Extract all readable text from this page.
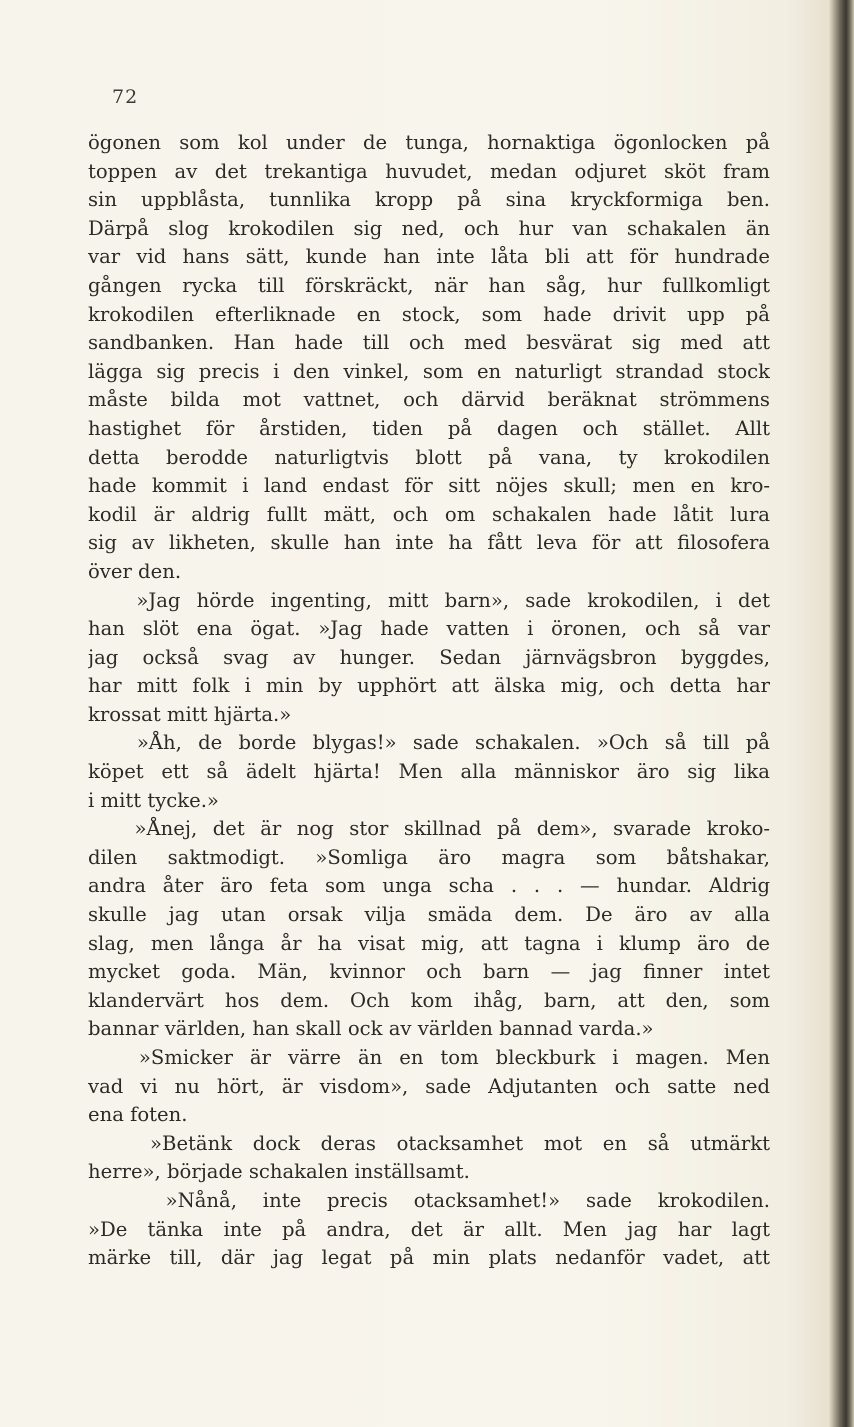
72
ögonen som kol under de tunga, hornaktiga ögonlocken på
toppen av det trekantiga huvudet, medan odjuret sköt fram
sin uppblåsta, tunnlika kropp på sina kryckformiga ben.
Därpå slog krokodilen sig ned, och hur van schakalen än
var vid hans sätt, kunde han inte låta bli att för hundrade
gången rycka till förskräckt, när han såg, hur fullkomligt
krokodilen efterliknade en stock, som hade drivit upp på
sandbanken. Han hade till och med besvärat sig med att
lägga sig precis i den vinkel, som en naturligt strandad stock
måste bilda mot vattnet, och därvid beräknat strömmens
hastighet för årstiden, tiden på dagen och stället. Allt
detta berodde naturligtvis blott på vana, ty krokodilen
hade kommit i land endast för sitt nöjes skull; men en kro-
kodil är aldrig fullt mätt, och om schakalen hade låtit lura
sig av likheten, skulle han inte ha fått leva för att filosofera
över den.
»Jag hörde ingenting, mitt barn», sade krokodilen, i det
han slöt ena ögat. »Jag hade vatten i öronen, och så var
jag också svag av hunger. Sedan järnvägsbron byggdes,
har mitt folk i min by upphört att älska mig, och detta har
krossat mitt hjärta.»
»Åh, de borde blygas!» sade schakalen. »Och så till på
köpet ett så ädelt hjärta! Men alla människor äro sig lika
i mitt tycke.»
»Ånej, det är nog stor skillnad på dem», svarade kroko-
dilen saktmodigt. »Somliga äro magra som båtshakar,
andra åter äro feta som unga scha . . . — hundar. Aldrig
skulle jag utan orsak vilja smäda dem. De äro av alla
slag, men långa år ha visat mig, att tagna i klump äro de
mycket goda. Män, kvinnor och barn — jag finner intet
klandervärt hos dem. Och kom ihåg, barn, att den, som
bannar världen, han skall ock av världen bannad varda.»
»Smicker är värre än en tom bleckburk i magen. Men
vad vi nu hört, är visdom», sade Adjutanten och satte ned
ena foten.
»Betänk dock deras otacksamhet mot en så utmärkt
herre», började schakalen inställsamt.
»Nånå, inte precis otacksamhet!» sade krokodilen.
»De tänka inte på andra, det är allt. Men jag har lagt
märke till, där jag legat på min plats nedanför vadet, att
